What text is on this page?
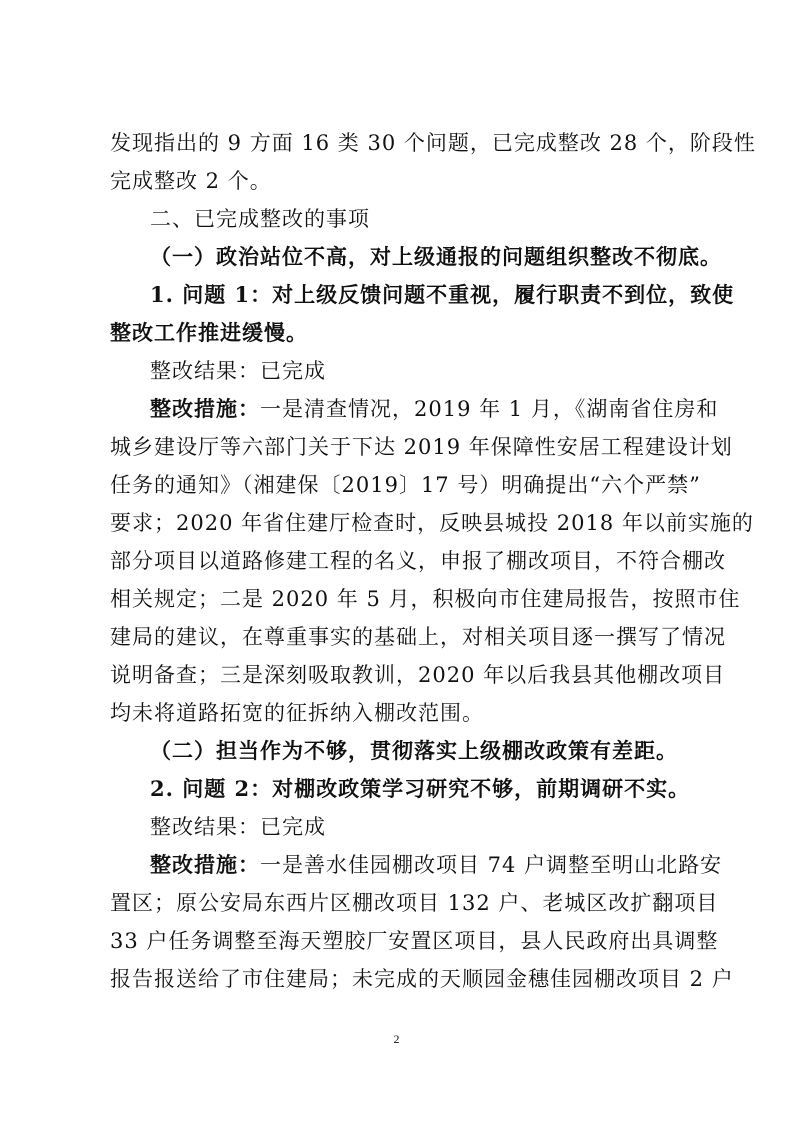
发现指出的 9 方面 16 类 30 个问题，已完成整改 28 个，阶段性
完成整改 2 个。
二、已完成整改的事项
（一）政治站位不高，对上级通报的问题组织整改不彻底。
1. 问题 1：对上级反馈问题不重视，履行职责不到位，致使
整改工作推进缓慢。
整改结果：已完成
整改措施：一是清查情况，2019 年 1 月，《湖南省住房和
城乡建设厅等六部门关于下达 2019 年保障性安居工程建设计划
任务的通知》（湘建保〔2019〕17 号）明确提出“六个严禁”
要求；2020 年省住建厅检查时，反映县城投 2018 年以前实施的
部分项目以道路修建工程的名义，申报了棚改项目，不符合棚改
相关规定；二是 2020 年 5 月，积极向市住建局报告，按照市住
建局的建议，在尊重事实的基础上，对相关项目逐一撰写了情况
说明备查；三是深刻吸取教训，2020 年以后我县其他棚改项目
均未将道路拓宽的征拆纳入棚改范围。
（二）担当作为不够，贯彻落实上级棚改政策有差距。
2. 问题 2：对棚改政策学习研究不够，前期调研不实。
整改结果：已完成
整改措施：一是善水佳园棚改项目 74 户调整至明山北路安
置区；原公安局东西片区棚改项目 132 户、老城区改扩翻项目
33 户任务调整至海天塑胶厂安置区项目，县人民政府出具调整
2
报告报送给了市住建局；未完成的天顺园金穗佳园棚改项目 2 户
